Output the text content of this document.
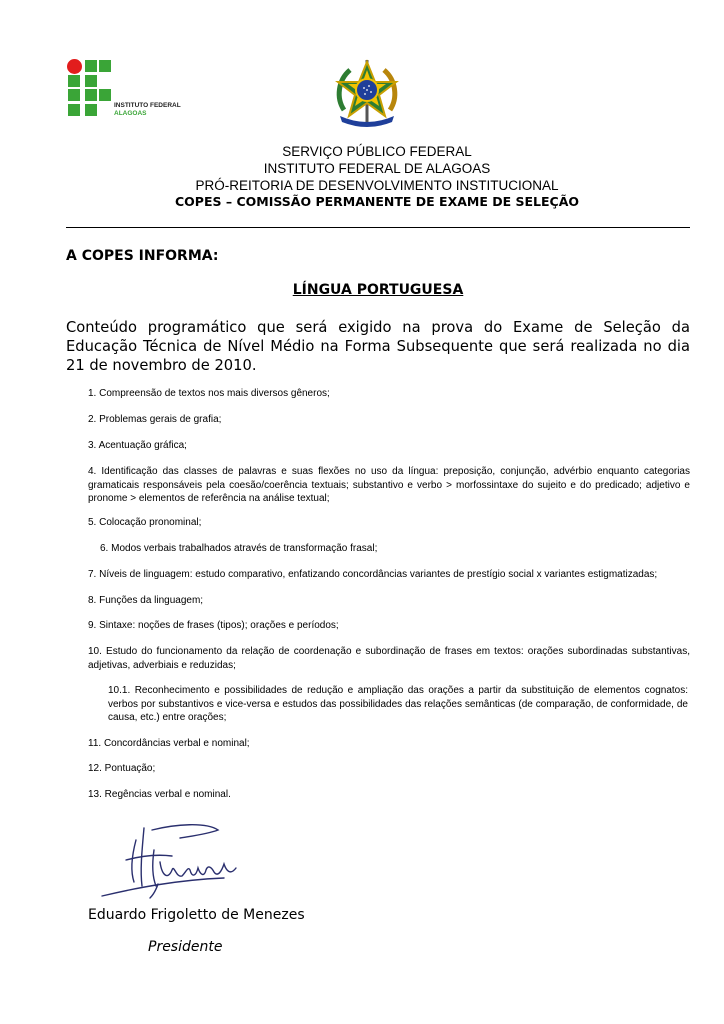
INSTITUTO FEDERAL
ALAGOAS
SERVIÇO PÚBLICO FEDERAL
INSTITUTO FEDERAL DE ALAGOAS
PRÓ-REITORIA DE DESENVOLVIMENTO INSTITUCIONAL
COPES – COMISSÃO PERMANENTE DE EXAME DE SELEÇÃO
A COPES INFORMA:
LÍNGUA PORTUGUESA
Conteúdo programático que será exigido na prova do Exame de Seleção da Educação Técnica de Nível Médio na Forma Subsequente que será realizada no dia 21 de novembro de 2010.
1. Compreensão de textos nos mais diversos gêneros;
2. Problemas gerais de grafia;
3. Acentuação gráfica;
4. Identificação das classes de palavras e suas flexões no uso da língua: preposição, conjunção, advérbio enquanto categorias gramaticais responsáveis pela coesão/coerência textuais; substantivo e verbo > morfossintaxe do sujeito e do predicado; adjetivo e pronome > elementos de referência na análise textual;
5. Colocação pronominal;
6. Modos verbais trabalhados através de transformação frasal;
7. Níveis de linguagem: estudo comparativo, enfatizando concordâncias variantes de prestígio social x variantes estigmatizadas;
8. Funções da linguagem;
9. Sintaxe: noções de frases (tipos); orações e períodos;
10. Estudo do funcionamento da relação de coordenação e subordinação de frases em textos: orações subordinadas substantivas, adjetivas, adverbiais e reduzidas;
10.1. Reconhecimento e possibilidades de redução e ampliação das orações a partir da substituição de elementos cognatos: verbos por substantivos e vice-versa e estudos das possibilidades das relações semânticas (de comparação, de conformidade, de causa, etc.) entre orações;
11. Concordâncias verbal e nominal;
12. Pontuação;
13. Regências verbal e nominal.
Eduardo Frigoletto de Menezes
Presidente
